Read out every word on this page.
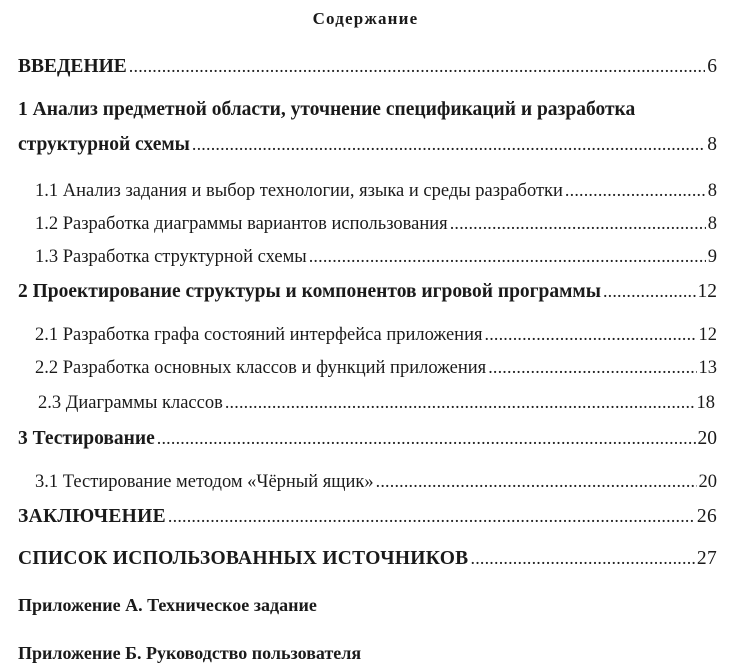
Содержание
ВВЕДЕНИЕ .....	6
1 Анализ предметной области, уточнение спецификаций и разработка
структурной схемы .....	8
1.1 Анализ задания и выбор технологии, языка и среды разработки .....	8
1.2 Разработка диаграммы вариантов использования .....	8
1.3 Разработка структурной схемы .....	9
2 Проектирование структуры и компонентов игровой программы .....	12
2.1 Разработка графа состояний интерфейса приложения .....	12
2.2 Разработка основных классов и функций приложения .....	13
2.3 Диаграммы классов .....	18
3 Тестирование .....	20
3.1 Тестирование методом «Чёрный ящик» .....	20
ЗАКЛЮЧЕНИЕ .....	26
СПИСОК ИСПОЛЬЗОВАННЫХ ИСТОЧНИКОВ .....	27
Приложение А. Техническое задание
Приложение Б. Руководство пользователя
